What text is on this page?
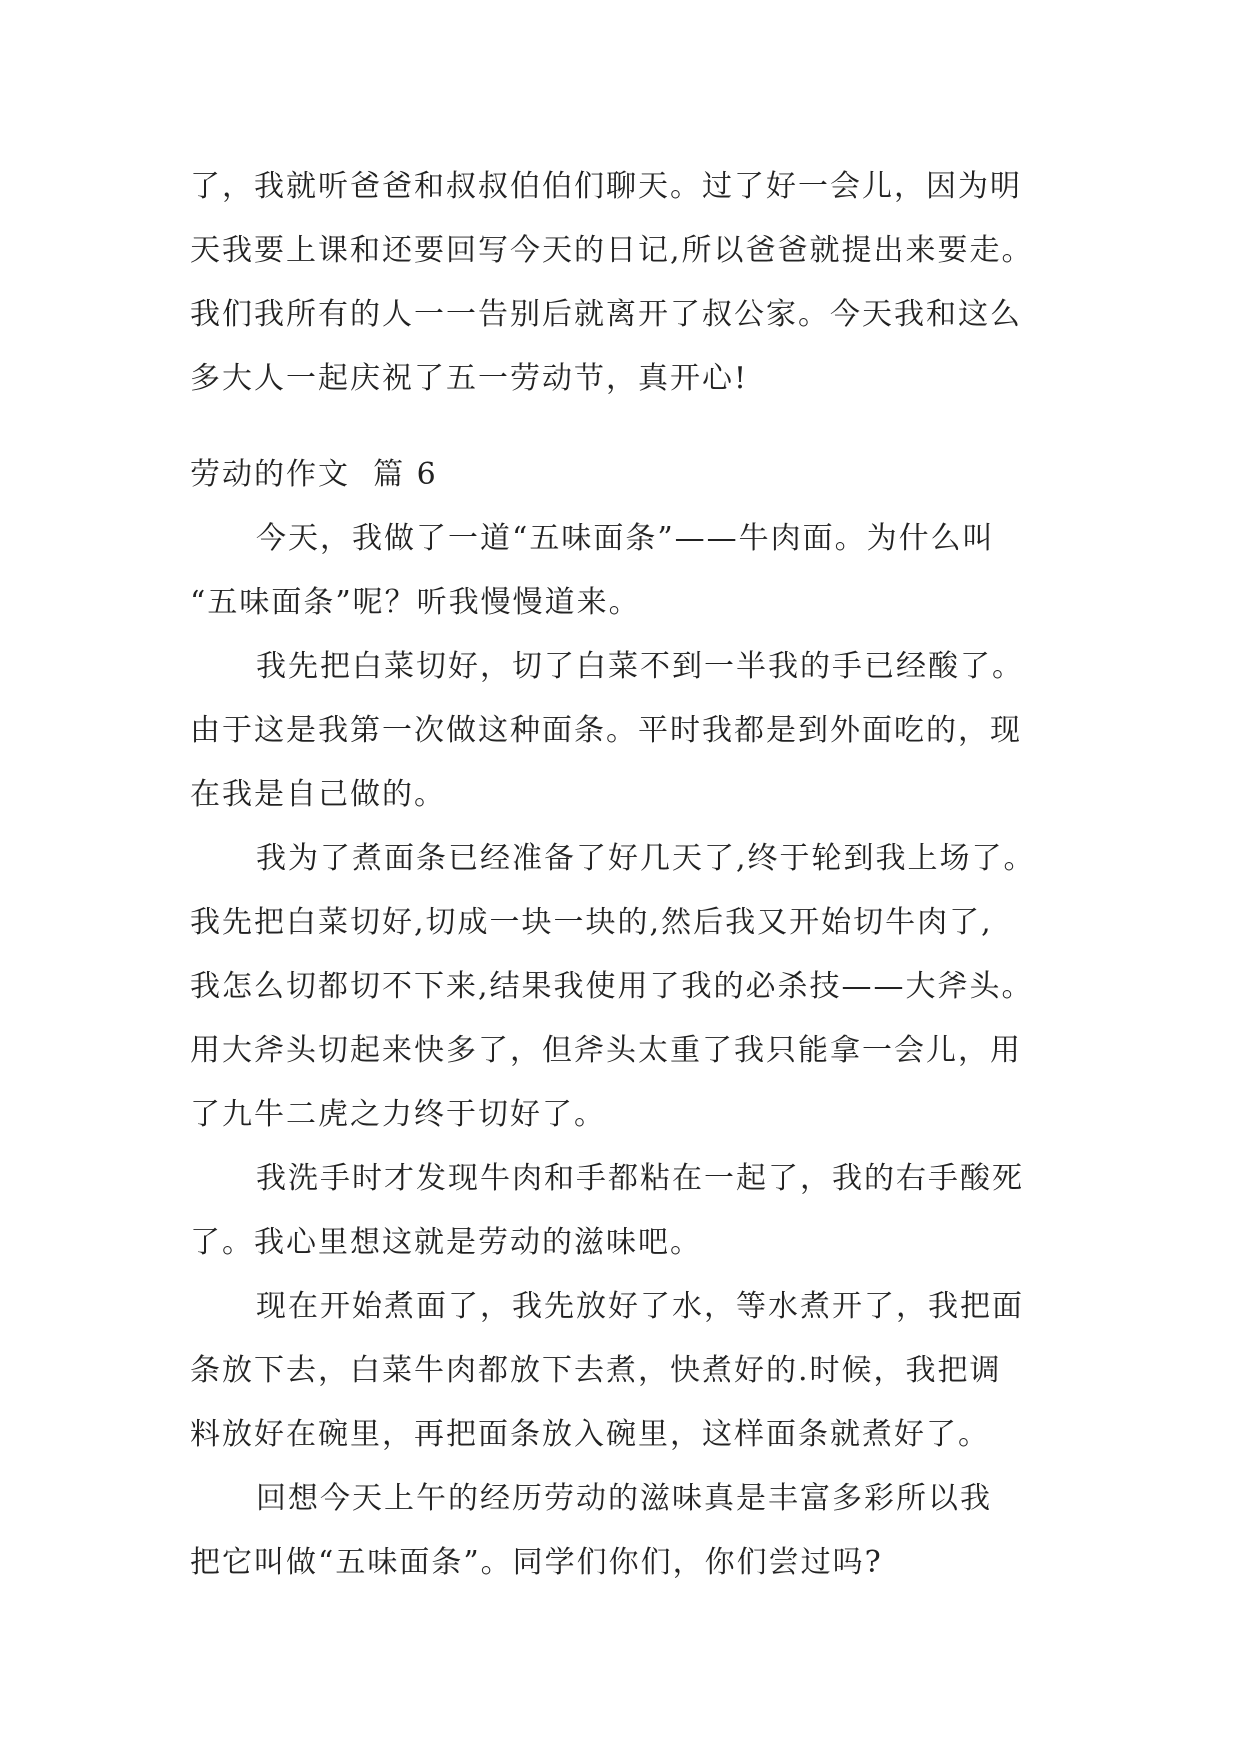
了，我就听爸爸和叔叔伯伯们聊天。过了好一会儿，因为明
天我要上课和还要回写今天的日记,所以爸爸就提出来要走。
我们我所有的人一一告别后就离开了叔公家。今天我和这么
多大人一起庆祝了五一劳动节，真开心!
劳动的作文  篇 6
今天，我做了一道“五味面条”——牛肉面。为什么叫
“五味面条”呢？听我慢慢道来。
我先把白菜切好，切了白菜不到一半我的手已经酸了。
由于这是我第一次做这种面条。平时我都是到外面吃的，现
在我是自己做的。
我为了煮面条已经准备了好几天了,终于轮到我上场了。
我先把白菜切好,切成一块一块的,然后我又开始切牛肉了,
我怎么切都切不下来,结果我使用了我的必杀技——大斧头。
用大斧头切起来快多了，但斧头太重了我只能拿一会儿，用
了九牛二虎之力终于切好了。
我洗手时才发现牛肉和手都粘在一起了，我的右手酸死
了。我心里想这就是劳动的滋味吧。
现在开始煮面了，我先放好了水，等水煮开了，我把面
条放下去，白菜牛肉都放下去煮，快煮好的.时候，我把调
料放好在碗里，再把面条放入碗里，这样面条就煮好了。
回想今天上午的经历劳动的滋味真是丰富多彩所以我
把它叫做“五味面条”。同学们你们，你们尝过吗?
